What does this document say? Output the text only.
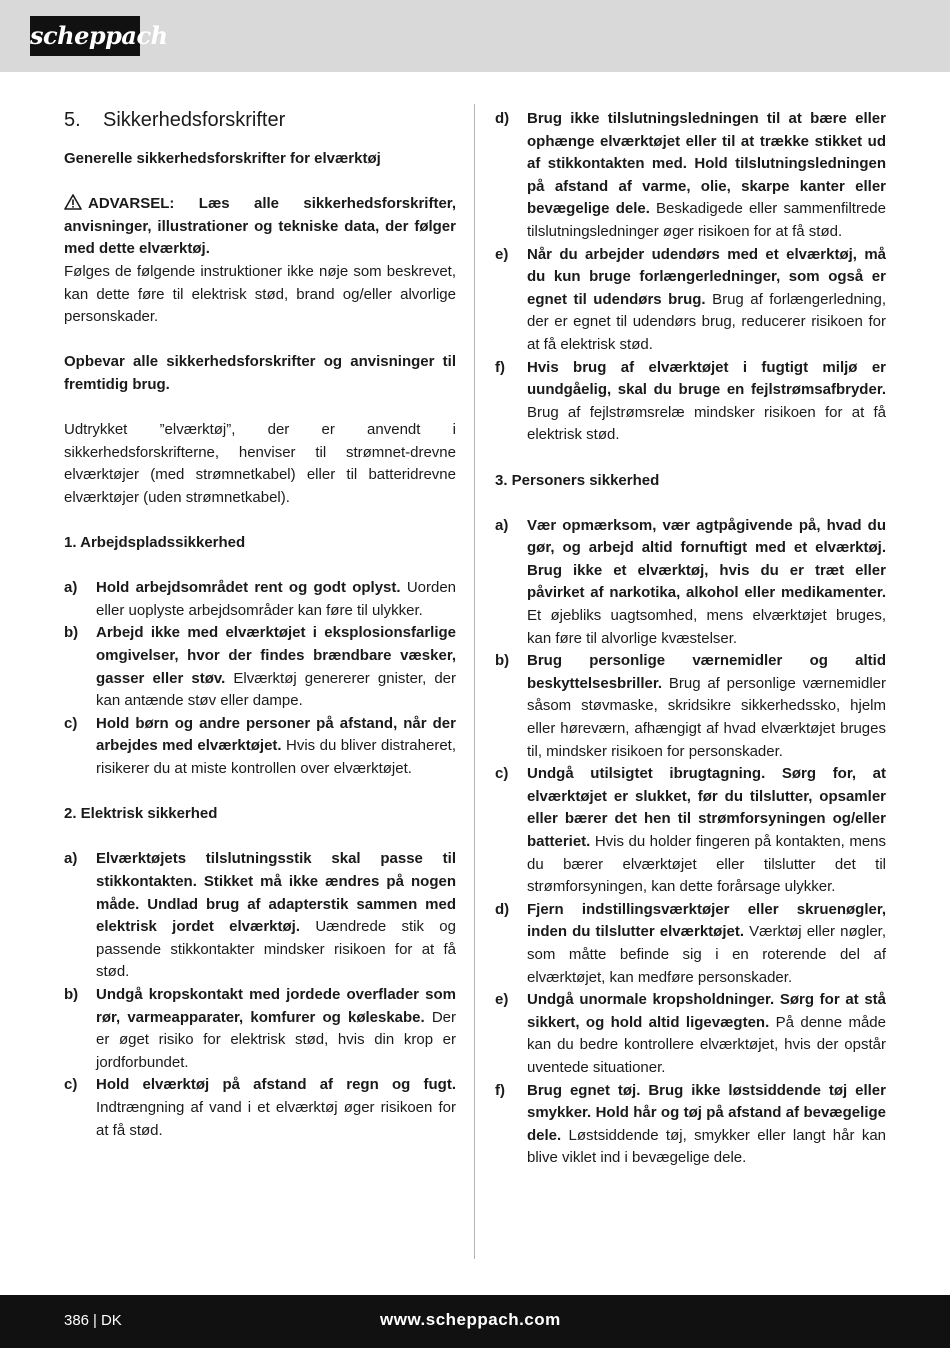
scheppach
5. Sikkerhedsforskrifter

Generelle sikkerhedsforskrifter for elværktøj

ADVARSEL: Læs alle sikkerhedsforskrifter, anvisninger, illustrationer og tekniske data, der følger med dette elværktøj.

Følges de følgende instruktioner ikke nøje som beskrevet, kan dette føre til elektrisk stød, brand og/eller alvorlige personskader.

Opbevar alle sikkerhedsforskrifter og anvisninger til fremtidig brug.

Udtrykket ”elværktøj”, der er anvendt i sikkerhedsforskrifterne, henviser til strømnet-drevne elværktøjer (med strømnetkabel) eller til batteridrevne elværktøjer (uden strømnetkabel).

1. Arbejdspladssikkerhed

a)	Hold arbejdsområdet rent og godt oplyst. Uorden eller uoplyste arbejdsområder kan føre til ulykker.
b)	Arbejd ikke med elværktøjet i eksplosionsfarlige omgivelser, hvor der findes brændbare væsker, gasser eller støv. Elværktøj genererer gnister, der kan antænde støv eller dampe.
c)	Hold børn og andre personer på afstand, når der arbejdes med elværktøjet. Hvis du bliver distraheret, risikerer du at miste kontrollen over elværktøjet.

2. Elektrisk sikkerhed

a)	Elværktøjets tilslutningsstik skal passe til stikkontakten. Stikket må ikke ændres på nogen måde. Undlad brug af adapterstik sammen med elektrisk jordet elværktøj. Uændrede stik og passende stikkontakter mindsker risikoen for at få stød.
b)	Undgå kropskontakt med jordede overflader som rør, varmeapparater, komfurer og køleskabe. Der er øget risiko for elektrisk stød, hvis din krop er jordforbundet.
c)	Hold elværktøj på afstand af regn og fugt. Indtrængning af vand i et elværktøj øger risikoen for at få stød.
d)	Brug ikke tilslutningsledningen til at bære eller ophænge elværktøjet eller til at trække stikket ud af stikkontakten med. Hold tilslutningsledningen på afstand af varme, olie, skarpe kanter eller bevægelige dele. Beskadigede eller sammenfiltrede tilslutningsledninger øger risikoen for at få stød.
e)	Når du arbejder udendørs med et elværktøj, må du kun bruge forlængerledninger, som også er egnet til udendørs brug. Brug af forlængerledning, der er egnet til udendørs brug, reducerer risikoen for at få elektrisk stød.
f)	Hvis brug af elværktøjet i fugtigt miljø er uundgåelig, skal du bruge en fejlstrømsafbryder. Brug af fejlstrømsrelæ mindsker risikoen for at få elektrisk stød.

3. Personers sikkerhed

a)	Vær opmærksom, vær agtpågivende på, hvad du gør, og arbejd altid fornuftigt med et elværktøj. Brug ikke et elværktøj, hvis du er træt eller påvirket af narkotika, alkohol eller medikamenter. Et øjebliks uagtsomhed, mens elværktøjet bruges, kan føre til alvorlige kvæstelser.
b)	Brug personlige værnemidler og altid beskyttelsesbriller. Brug af personlige værnemidler såsom støvmaske, skridsikre sikkerhedssko, hjelm eller høreværn, afhængigt af hvad elværktøjet bruges til, mindsker risikoen for personskader.
c)	Undgå utilsigtet ibrugtagning. Sørg for, at elværktøjet er slukket, før du tilslutter, opsamler eller bærer det hen til strømforsyningen og/eller batteriet. Hvis du holder fingeren på kontakten, mens du bærer elværktøjet eller tilslutter det til strømforsyningen, kan dette forårsage ulykker.
d)	Fjern indstillingsværktøjer eller skruenøgler, inden du tilslutter elværktøjet. Værktøj eller nøgler, som måtte befinde sig i en roterende del af elværktøjet, kan medføre personskader.
e)	Undgå unormale kropsholdninger. Sørg for at stå sikkert, og hold altid ligevægten. På denne måde kan du bedre kontrollere elværktøjet, hvis der opstår uventede situationer.
f)	Brug egnet tøj. Brug ikke løstsiddende tøj eller smykker. Hold hår og tøj på afstand af bevægelige dele. Løstsiddende tøj, smykker eller langt hår kan blive viklet ind i bevægelige dele.
386 | DK	www.scheppach.com
